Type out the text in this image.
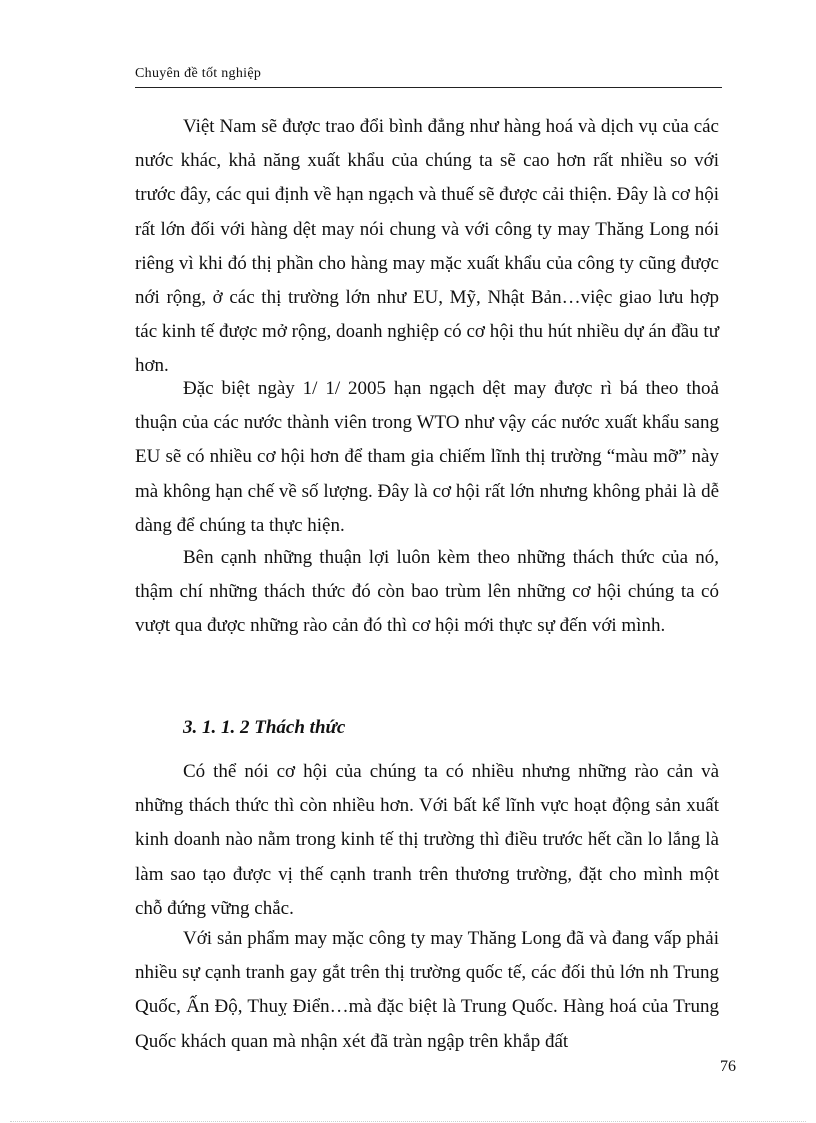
Chuyên đề tốt nghiệp

Việt Nam sẽ được trao đổi bình đẳng như hàng hoá và dịch vụ của các nước khác, khả năng xuất khẩu của chúng ta sẽ cao hơn rất nhiều so với trước đây, các qui định về hạn ngạch và thuế sẽ được cải thiện. Đây là cơ hội rất lớn đối với hàng dệt may nói chung và với công ty may Thăng Long nói riêng vì khi đó thị phần cho hàng may mặc xuất khẩu của công ty cũng được nới rộng, ở các thị trường lớn như EU, Mỹ, Nhật Bản…việc giao lưu hợp tác kinh tế được mở rộng, doanh nghiệp có cơ hội thu hút nhiều dự án đầu tư hơn.

Đặc biệt ngày 1/ 1/ 2005 hạn ngạch dệt may được rì bá theo thoả thuận của các nước thành viên trong WTO như vậy các nước xuất khẩu sang EU sẽ có nhiều cơ hội hơn để tham gia chiếm lĩnh thị trường “màu mỡ” này mà không hạn chế về số lượng. Đây là cơ hội rất lớn nhưng không phải là dễ dàng để chúng ta thực hiện.

Bên cạnh những thuận lợi luôn kèm theo những thách thức của nó, thậm chí những thách thức đó còn bao trùm lên những cơ hội chúng ta có vượt qua được những rào cản đó thì cơ hội mới thực sự đến với mình.

3. 1. 1. 2 Thách thức

Có thể nói cơ hội của chúng ta có nhiều nhưng những rào cản và những thách thức thì còn nhiều hơn. Với bất kể lĩnh vực hoạt động sản xuất kinh doanh nào nằm trong kinh tế thị trường thì điều trước hết cần lo lắng là làm sao tạo được vị thế cạnh tranh trên thương trường, đặt cho mình một chỗ đứng vững chắc.

Với sản phẩm may mặc công ty may Thăng Long đã và đang vấp phải nhiều sự cạnh tranh gay gắt trên thị trường quốc tế, các đối thủ lớn nh Trung Quốc, Ấn Độ, Thuỵ Điển…mà đặc biệt là Trung Quốc. Hàng hoá của Trung Quốc khách quan mà nhận xét đã tràn ngập trên khắp đất

76
